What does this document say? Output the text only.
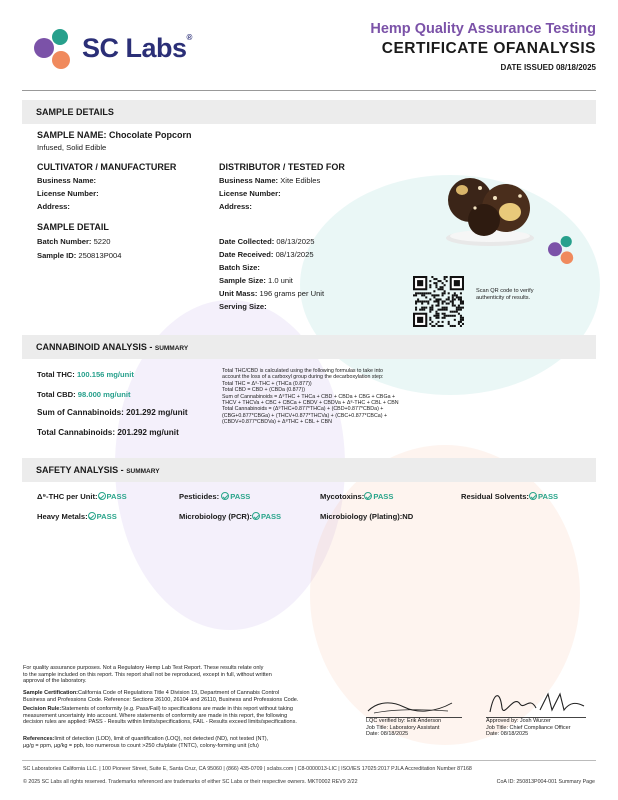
SC Labs®
Hemp Quality Assurance Testing
CERTIFICATE OFANALYSIS
DATE ISSUED 08/18/2025
SAMPLE DETAILS
SAMPLE NAME: Chocolate Popcorn
Infused, Solid Edible
CULTIVATOR / MANUFACTURER
Business Name:
License Number:
Address:
DISTRIBUTOR / TESTED FOR
Business Name: Xite Edibles
License Number:
Address:
SAMPLE DETAIL
Batch Number: 5220
Sample ID: 250813P004
Date Collected: 08/13/2025
Date Received: 08/13/2025
Batch Size:
Sample Size: 1.0 unit
Unit Mass: 196 grams per Unit
Serving Size:
Scan QR code to verify authenticity of results.
CANNABINOID ANALYSIS - SUMMARY
Total THC: 100.156 mg/unit
Total CBD: 98.000 mg/unit
Sum of Cannabinoids: 201.292 mg/unit
Total Cannabinoids: 201.292 mg/unit
Total THC/CBD is calculated using the following formulas to take into
account the loss of a carboxyl group during the decarboxylation step:
Total THC = Δ⁹-THC + (THCa (0.877))
Total CBD = CBD + (CBDa (0.877))
Sum of Cannabinoids = Δ⁹THC + THCa + CBD + CBDa + CBG + CBGa +
THCV + THCVa + CBC + CBCa + CBDV + CBDVa + Δ⁸-THC + CBL + CBN
Total Cannabinoids = (Δ⁹THC+0.877*THCa) + (CBD+0.877*CBDa) +
(CBG+0.877*CBGa) + (THCV+0.877*THCVa) + (CBC+0.877*CBCa) +
(CBDV+0.877*CBDVa) + Δ⁸THC + CBL + CBN
SAFETY ANALYSIS - SUMMARY
Δ⁹-THC per Unit: PASS	Pesticides: PASS	Mycotoxins: PASS	Residual Solvents: PASS
Heavy Metals: PASS	Microbiology (PCR): PASS	Microbiology (Plating):ND
For quality assurance purposes. Not a Regulatory Hemp Lab Test Report. These results relate only
to the sample included on this report. This report shall not be reproduced, except in full, without written
approval of the laboratory.
Sample Certification:California Code of Regulations Title 4 Division 19, Department of Cannabis Control
Business and Professions Code. Reference: Sections 26100, 26104 and 26110, Business and Professions Code.
Decision Rule:Statements of conformity (e.g. Pass/Fail) to specifications are made in this report without taking
measurement uncertainty into account. Where statements of conformity are made in this report, the following
decision rules are applied: PASS - Results within limits/specifications, FAIL - Results exceed limits/specifications.
References:limit of detection (LOD), limit of quantification (LOQ), not detected (ND), not tested (NT),
µg/g = ppm, µg/kg = ppb, too numerous to count >250 cfu/plate (TNTC), colony-forming unit (cfu)
LQC verified by: Erik Anderson
Job Title: Laboratory Assistant
Date: 08/18/2025
Approved by: Josh Wurzer
Job Title: Chief Compliance Officer
Date: 08/18/2025
SC Laboratories California LLC. | 100 Pioneer Street, Suite E, Santa Cruz, CA 95060 | (866) 435-0709 | sclabs.com | C8-0000013-LIC | ISO/IES 17025:2017 PJLA Accreditation Number 87168
© 2025 SC Labs all rights reserved. Trademarks referenced are trademarks of either SC Labs or their respective owners. MKT0002 REV9 2/22	CoA ID: 250813P004-001 Summary Page
